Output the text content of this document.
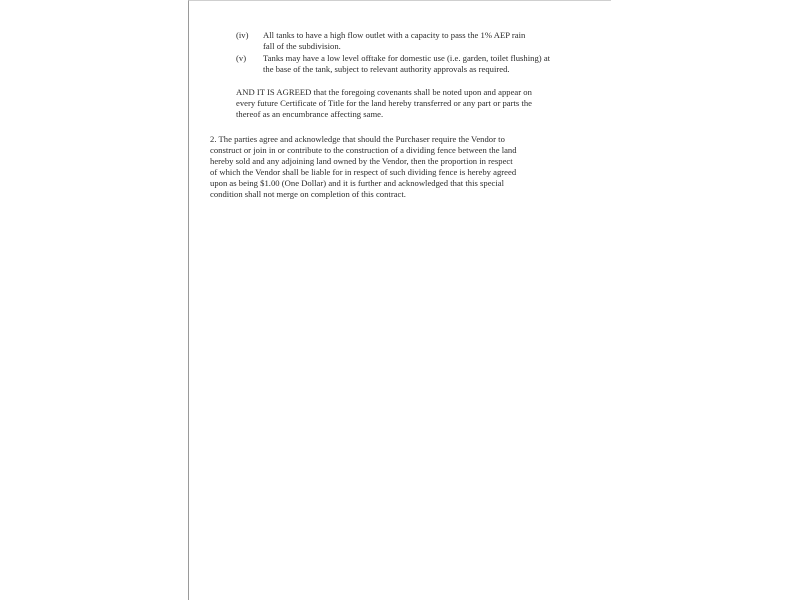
(iv) All tanks to have a high flow outlet with a capacity to pass the 1% AEP rain
fall of the subdivision.
(v) Tanks may have a low level offtake for domestic use (i.e. garden, toilet flushing) at
the base of the tank, subject to relevant authority approvals as required.
AND IT IS AGREED that the foregoing covenants shall be noted upon and appear on
every future Certificate of Title for the land hereby transferred or any part or parts the
thereof as an encumbrance affecting same.
2. The parties agree and acknowledge that should the Purchaser require the Vendor to
construct or join in or contribute to the construction of a dividing fence between the land
hereby sold and any adjoining land owned by the Vendor, then the proportion in respect
of which the Vendor shall be liable for in respect of such dividing fence is hereby agreed
upon as being $1.00 (One Dollar) and it is further and acknowledged that this special
condition shall not merge on completion of this contract.
